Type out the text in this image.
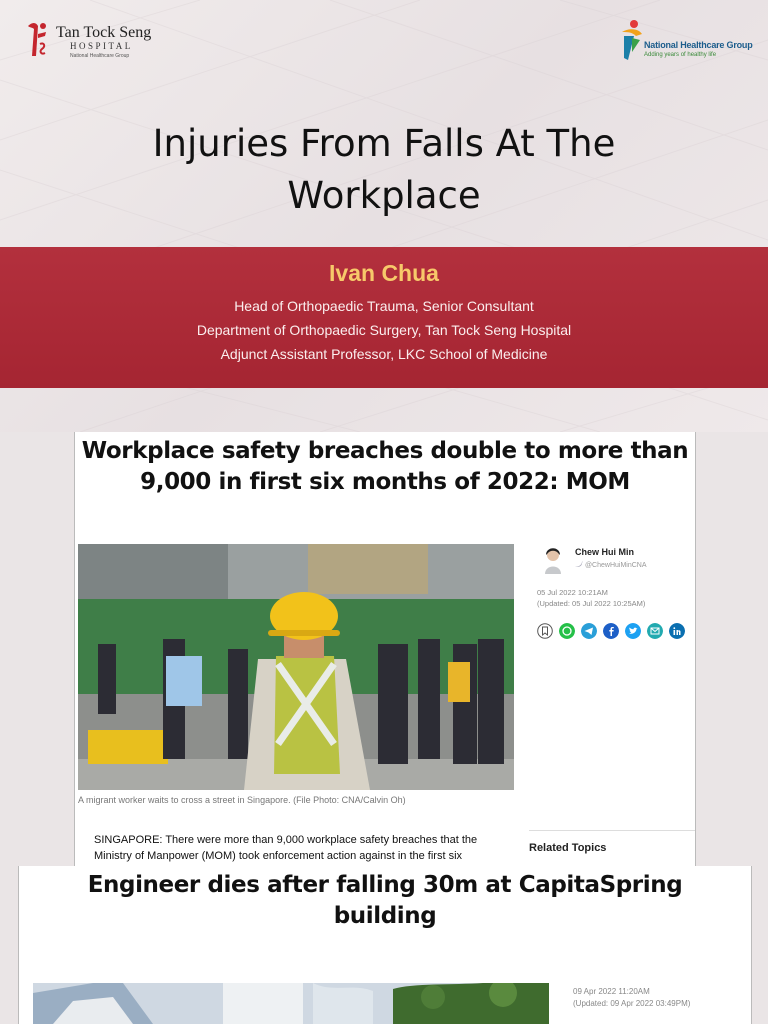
Tan Tock Seng
HOSPITAL
National Healthcare Group
National Healthcare Group
Adding years of healthy life
Injuries From Falls At The
Workplace
Ivan Chua
Head of Orthopaedic Trauma, Senior Consultant
Department of Orthopaedic Surgery, Tan Tock Seng Hospital
Adjunct Assistant Professor, LKC School of Medicine
Workplace safety breaches double to more than
9,000 in first six months of 2022: MOM
A migrant worker waits to cross a street in Singapore. (File Photo: CNA/Calvin Oh)
Chew Hui Min
@ChewHuiMinCNA
05 Jul 2022 10:21AM
(Updated: 05 Jul 2022 10:25AM)
SINGAPORE: There were more than 9,000 workplace safety breaches that the
Ministry of Manpower (MOM) took enforcement action against in the first six
Related Topics
Engineer dies after falling 30m at CapitaSpring
building
09 Apr 2022 11:20AM
(Updated: 09 Apr 2022 03:49PM)
